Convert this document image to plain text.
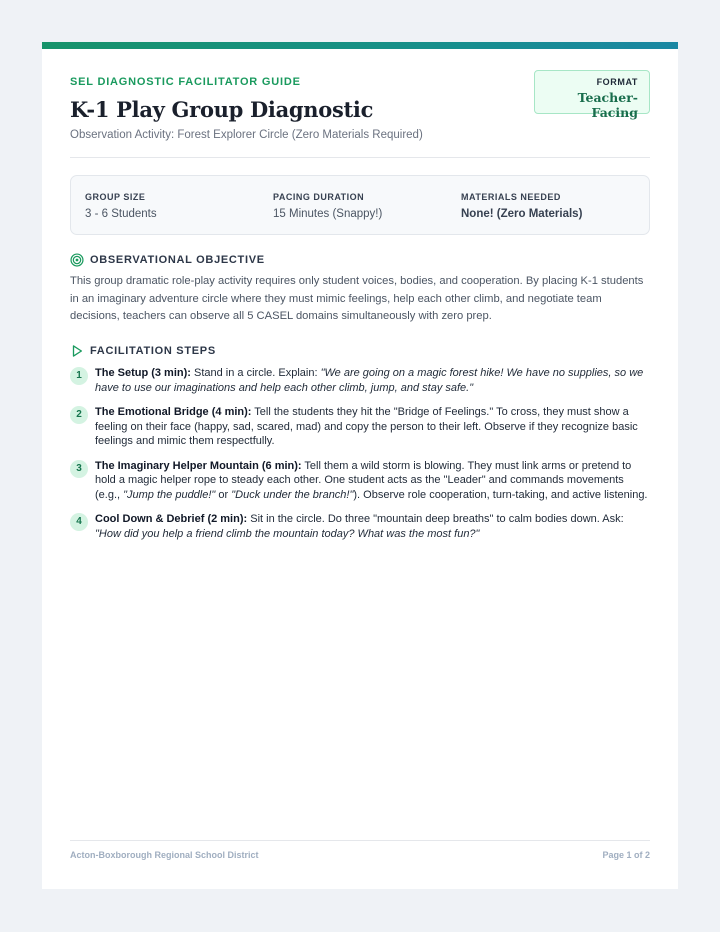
SEL DIAGNOSTIC FACILITATOR GUIDE
K-1 Play Group Diagnostic
Observation Activity: Forest Explorer Circle (Zero Materials Required)
FORMAT
Teacher-Facing
GROUP SIZE
3 - 6 Students
PACING DURATION
15 Minutes (Snappy!)
MATERIALS NEEDED
None! (Zero Materials)
OBSERVATIONAL OBJECTIVE

This group dramatic role-play activity requires only student voices, bodies, and cooperation. By placing K-1 students in an imaginary adventure circle where they must mimic feelings, help each other climb, and negotiate team decisions, teachers can observe all 5 CASEL domains simultaneously with zero prep.

FACILITATION STEPS
1	The Setup (3 min): Stand in a circle. Explain: "We are going on a magic forest hike! We have no supplies, so we have to use our imaginations and help each other climb, jump, and stay safe."
2	The Emotional Bridge (4 min): Tell the students they hit the "Bridge of Feelings." To cross, they must show a feeling on their face (happy, sad, scared, mad) and copy the person to their left. Observe if they recognize basic feelings and mimic them respectfully.
3	The Imaginary Helper Mountain (6 min): Tell them a wild storm is blowing. They must link arms or pretend to hold a magic helper rope to steady each other. One student acts as the "Leader" and commands movements (e.g., "Jump the puddle!" or "Duck under the branch!"). Observe role cooperation, turn-taking, and active listening.
4	Cool Down & Debrief (2 min): Sit in the circle. Do three "mountain deep breaths" to calm bodies down. Ask: "How did you help a friend climb the mountain today? What was the most fun?"
Acton-Boxborough Regional School District	Page 1 of 2
